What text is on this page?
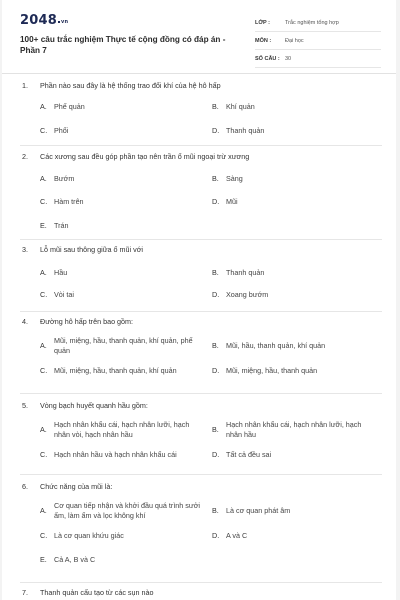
2048 $^{vn}$
100+ câu trắc nghiệm Thực tế cộng đồng có đáp án - Phần 7
LỚP :	Trắc nghiệm tổng hợp
MÔN :	Đại học
SỐ CÂU : 30
1. Phần nào sau đây là hệ thống trao đổi khí của hệ hô hấp
A.	Phế quản	B.	Khí quản
C. Phổi	D. Thanh quản
2. Các xương sau đều góp phần tạo nên trần ổ mũi ngoại trừ xương
A.	Bướm	B.	Sàng
C. Hàm trên	D. Mũi
E.	Trán
3. Lỗ mũi sau thông giữa ổ mũi với
A.	Hầu	B.	Thanh quản
C. Vòi tai	D. Xoang bướm
4. Đường hô hấp trên bao gồm:
A.
Mũi, miệng, hầu, thanh quản, khí quản, phế quản
B.	Mũi, hầu, thanh quản, khí quản
C. Mũi, miệng, hầu, thanh quản, khí quản	D. Mũi, miệng, hầu, thanh quản
5. Vòng bạch huyết quanh hầu gồm:
A.
Hạch nhân khẩu cái, hạch nhân lưỡi, hạch nhân vòi, hạch nhân hầu
B.
Hạch nhân khẩu cái, hạch nhân lưỡi, hạch nhân hầu
C. Hạch nhân hầu và hạch nhân khẩu cái	D. Tất cả đều sai
6. Chức năng của mũi là:
A.
Cơ quan tiếp nhận và khởi đầu quá trình sưởi ấm, làm ẩm và lọc không khí
B.	Là cơ quan phát âm
C. Là cơ quan khứu giác	D. A và C
E.	Cả A, B và C
7. Thanh quản cấu tạo từ các sụn nào
